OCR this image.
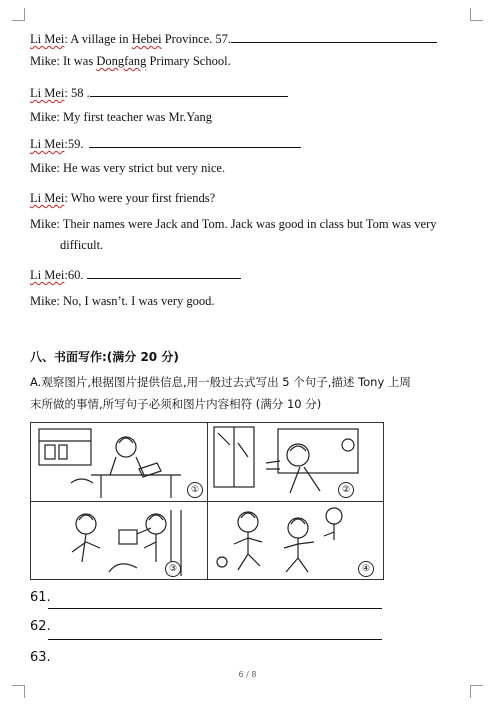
Li Mei: A village in Hebei Province. 57.
Mike: It was Dongfang Primary School.
Li Mei: 58 .
Mike: My first teacher was Mr.Yang
Li Mei:59.
Mike: He was very strict but very nice.
Li Mei: Who were your first friends?
Mike: Their names were Jack and Tom. Jack was good in class but Tom was very
difficult.
Li Mei:60.
Mike: No, I wasn’t. I was very good.
八、书面写作:(满分 20 分)
A.观察图片,根据图片提供信息,用一般过去式写出 5 个句子,描述 Tony 上周
末所做的事情,所写句子必须和图片内容相符 (满分 10 分)
①	②
③	④
61.
62.
63.
6 / 8
